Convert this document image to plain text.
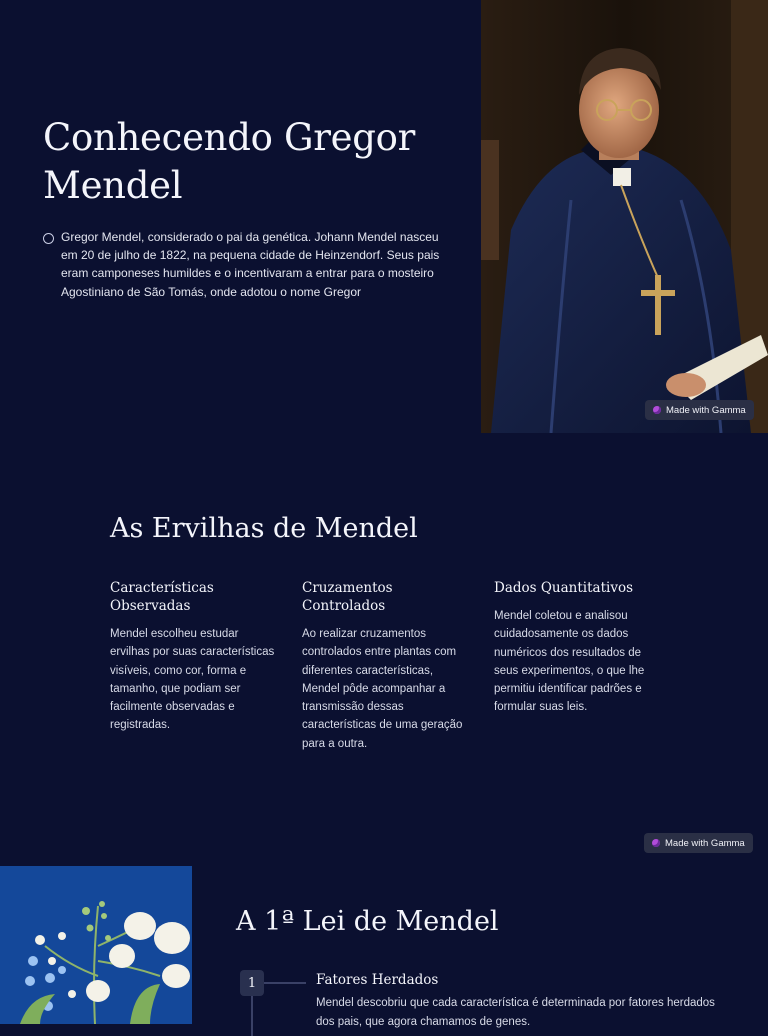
Conhecendo Gregor Mendel
Gregor Mendel, considerado o pai da genética. Johann Mendel nasceu em 20 de julho de 1822, na pequena cidade de Heinzendorf. Seus pais eram camponeses humildes e o incentivaram a entrar para o mosteiro Agostiniano de São Tomás, onde adotou o nome Gregor
Made with Gamma
As Ervilhas de Mendel
Características Observadas

Mendel escolheu estudar ervilhas por suas características visíveis, como cor, forma e tamanho, que podiam ser facilmente observadas e registradas.

Cruzamentos Controlados

Ao realizar cruzamentos controlados entre plantas com diferentes características, Mendel pôde acompanhar a transmissão dessas características de uma geração para a outra.

Dados Quantitativos

Mendel coletou e analisou cuidadosamente os dados numéricos dos resultados de seus experimentos, o que lhe permitiu identificar padrões e formular suas leis.

Made with Gamma
A 1ª Lei de Mendel
1	Fatores Herdados
Mendel descobriu que cada característica é determinada por fatores herdados dos pais, que agora chamamos de genes.
